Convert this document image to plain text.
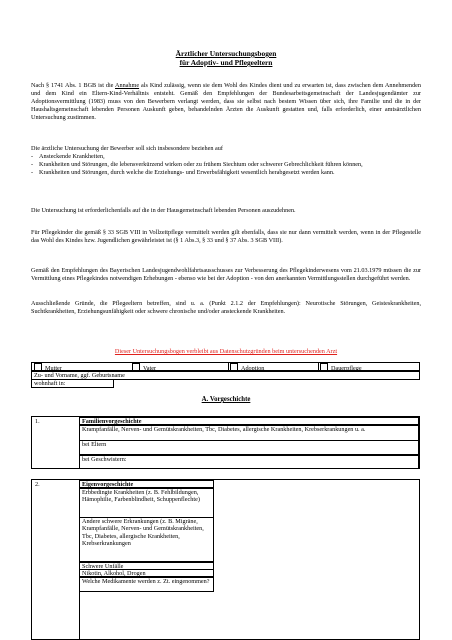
Ärztlicher Untersuchungsbogen
für Adoptiv- und Pflegeeltern
Nach § 1741 Abs. 1 BGB ist die Annahme als Kind zulässig, wenn sie dem Wohl des Kindes dient und zu erwarten ist, dass zwischen dem Annehmenden und dem Kind ein Eltern-Kind-Verhältnis entsteht. Gemäß den Empfehlungen der Bundesarbeitsgemeinschaft der Landesjugendämter zur Adoptionsvermittlung (1983) muss von den Bewerbern verlangt werden, dass sie selbst nach bestem Wissen über sich, ihre Familie und die in der Haushaltsgemeinschaft lebenden Personen Auskunft geben, behandelnden Ärzten die Auskunft gestatten und, falls erforderlich, einer amtsärztlichen Untersuchung zustimmen.
Die ärztliche Untersuchung der Bewerber soll sich insbesondere beziehen auf
- Ansteckende Krankheiten,
- Krankheiten und Störungen, die lebensverkürzend wirken oder zu frühem Siechtum oder schwerer Gebrechlichkeit führen können,
- Krankheiten und Störungen, durch welche die Erziehungs- und Erwerbsfähigkeit wesentlich herabgesetzt werden kann.
Die Untersuchung ist erforderlichenfalls auf die in der Hausgemeinschaft lebenden Personen auszudehnen.
Für Pflegekinder die gemäß § 33 SGB VIII in Vollzeitpflege vermittelt werden gilt ebenfalls, dass sie nur dann vermittelt werden, wenn in der Pflegestelle das Wohl des Kindes hzw. Jugendlichen gewährleistet ist (§ 1 Abs.3, § 33 und § 37 Abs. 3 SGB VIII).
Gemäß den Empfehlungen des Bayerischen Landesjugendwohlfahrtsausschusses zur Verbesserung des Pflegekinderwesens vom 21.03.1979 müssen die zur Vermittlung eines Pflegekindes notwendigen Erhebungen - ebenso wie bei der Adoption - von den anerkannten Vermittlungsstellen durchgeführt werden.
Ausschließende Gründe, die Pflegeeltern betreffen, sind u. a. (Punkt 2.1.2 der Empfehlungen): Neurotische Störungen, Geisteskrankheiten, Suchtkrankheiten, Erziehungsunfähigkeit oder schwere chronische und/oder ansteckende Krankheiten.
Dieser Untersuchungsbogen verbleibt aus Datenschutzgründen beim untersuchenden Arzt
Mutter	Vater	Adoption	Dauerpflege
Zu- und Vorname, ggf. Geburtsname
wohnhaft in:
A. Vorgeschichte
1.	Familienvorgeschichte
Krampfanfälle, Nerven- und Gemütskrankheiten, Tbc, Diabetes, allergische Krankheiten, Krebserkrankungen u. a.
bei Eltern
bei Geschwistern:
2.	Eigenvorgeschichte
Erbbedingte Krankheiten (z. B. Fehlbildungen, Hämophilie, Farbenblindheit, Schuppenflechte)
Andere schwere Erkrankungen (z. B. Migräne, Krampfanfälle, Nerven- und Gemütskrankheiten, Tbc, Diabetes, allergische Krankheiten, Krebserkrankungen
Schwere Unfälle
Nikotin, Alkohol, Drogen
Welche Medikamente werden z. Zt. eingenommen?
